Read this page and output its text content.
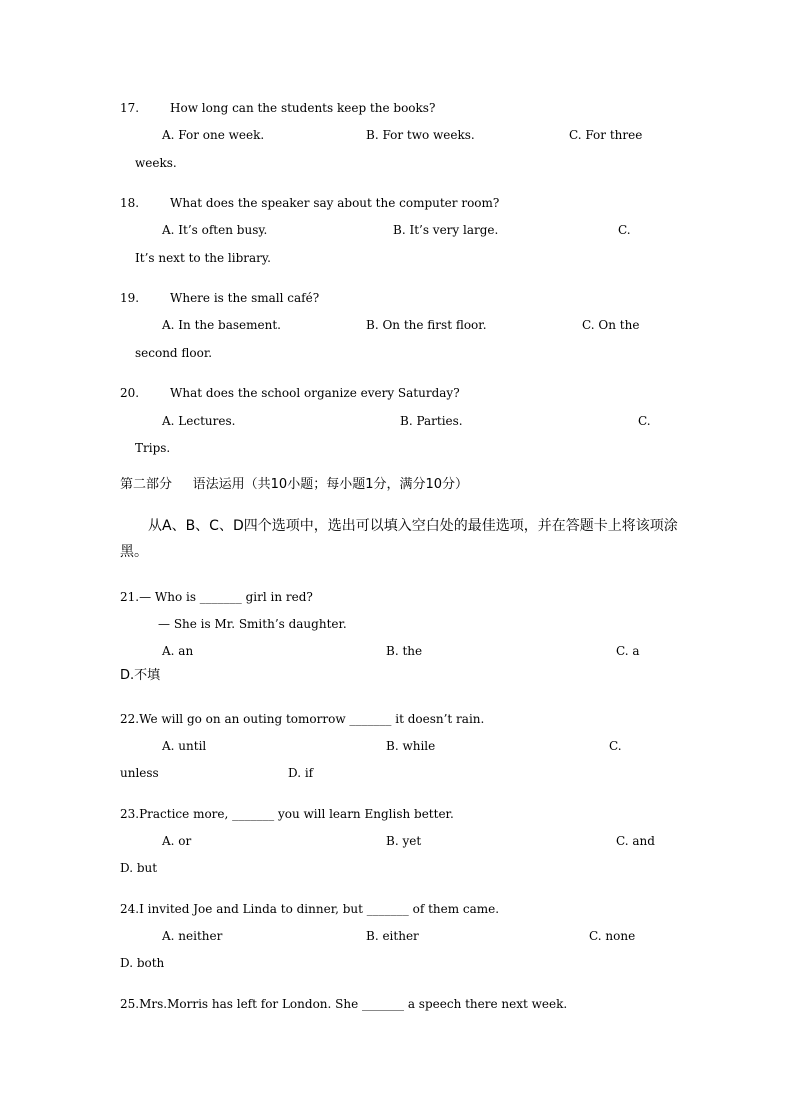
17.	How long can the students keep the books?
A. For one week.	B. For two weeks.	C. For three
weeks.
18.	What does the speaker say about the computer room?
A. It’s often busy.	B. It’s very large.	C.
It’s next to the library.
19.	Where is the small café?
A. In the basement.	B. On the first floor.	C. On the
second floor.
20.	What does the school organize every Saturday?
A. Lectures.	B. Parties.	C.
Trips.
第二部分     语法运用（共10小题；每小题1分，满分10分）
从A、B、C、D四个选项中，选出可以填入空白处的最佳选项，并在答题卡上将该项涂
黑。
21.— Who is _______ girl in red?
— She is Mr. Smith’s daughter.
A. an	B. the	C. a
D.不填
22.We will go on an outing tomorrow _______ it doesn’t rain.
A. until	B. while	C.
unless	D. if
23.Practice more, _______ you will learn English better.
A. or	B. yet	C. and
D. but
24.I invited Joe and Linda to dinner, but _______ of them came.
A. neither	B. either	C. none
D. both
25.Mrs.Morris has left for London. She _______ a speech there next week.
